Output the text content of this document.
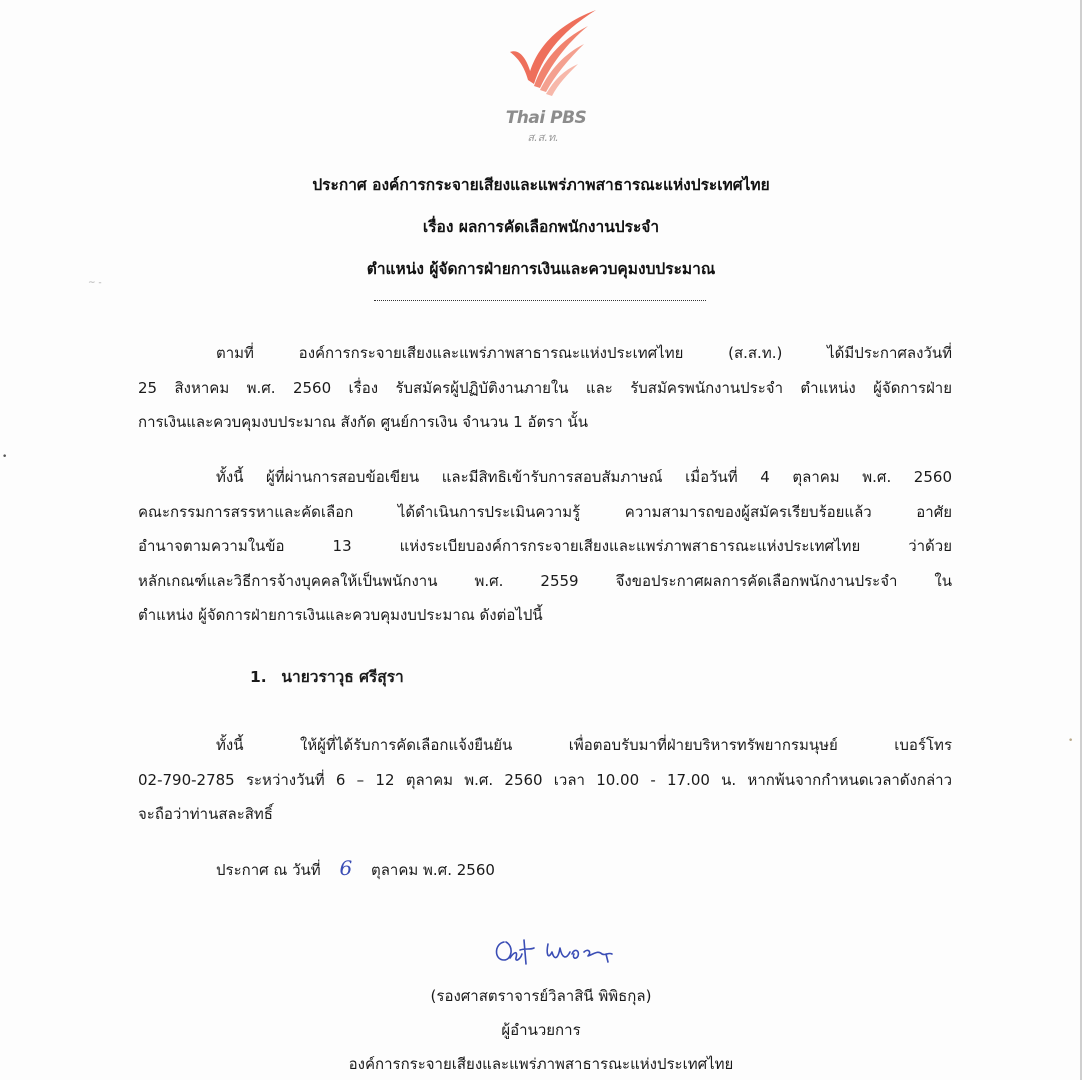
Thai PBS
ส.ส.ท.
ประกาศ องค์การกระจายเสียงและแพร่ภาพสาธารณะแห่งประเทศไทย
เรื่อง ผลการคัดเลือกพนักงานประจำ
ตำแหน่ง ผู้จัดการฝ่ายการเงินและควบคุมงบประมาณ
ตามที่ องค์การกระจายเสียงและแพร่ภาพสาธารณะแห่งประเทศไทย (ส.ส.ท.) ได้มีประกาศลงวันที่
25 สิงหาคม พ.ศ. 2560 เรื่อง รับสมัครผู้ปฏิบัติงานภายใน และ รับสมัครพนักงานประจำ ตำแหน่ง ผู้จัดการฝ่าย
การเงินและควบคุมงบประมาณ สังกัด ศูนย์การเงิน จำนวน 1 อัตรา นั้น
ทั้งนี้ ผู้ที่ผ่านการสอบข้อเขียน และมีสิทธิเข้ารับการสอบสัมภาษณ์ เมื่อวันที่ 4 ตุลาคม พ.ศ. 2560
คณะกรรมการสรรหาและคัดเลือก ได้ดำเนินการประเมินความรู้ ความสามารถของผู้สมัครเรียบร้อยแล้ว อาศัย
อำนาจตามความในข้อ 13 แห่งระเบียบองค์การกระจายเสียงและแพร่ภาพสาธารณะแห่งประเทศไทย ว่าด้วย
หลักเกณฑ์และวิธีการจ้างบุคคลให้เป็นพนักงาน พ.ศ. 2559 จึงขอประกาศผลการคัดเลือกพนักงานประจำ ใน
ตำแหน่ง ผู้จัดการฝ่ายการเงินและควบคุมงบประมาณ ดังต่อไปนี้
1. นายวราวุธ ศรีสุรา
ทั้งนี้ ให้ผู้ที่ได้รับการคัดเลือกแจ้งยืนยัน เพื่อตอบรับมาที่ฝ่ายบริหารทรัพยากรมนุษย์ เบอร์โทร
02-790-2785 ระหว่างวันที่ 6 – 12 ตุลาคม พ.ศ. 2560 เวลา 10.00 - 17.00 น. หากพ้นจากกำหนดเวลาดังกล่าว
จะถือว่าท่านสละสิทธิ์
ประกาศ ณ วันที่ 6 ตุลาคม พ.ศ. 2560
(รองศาสตราจารย์วิลาสินี พิพิธกุล)
ผู้อำนวยการ
องค์การกระจายเสียงและแพร่ภาพสาธารณะแห่งประเทศไทย
~ -
•
•
